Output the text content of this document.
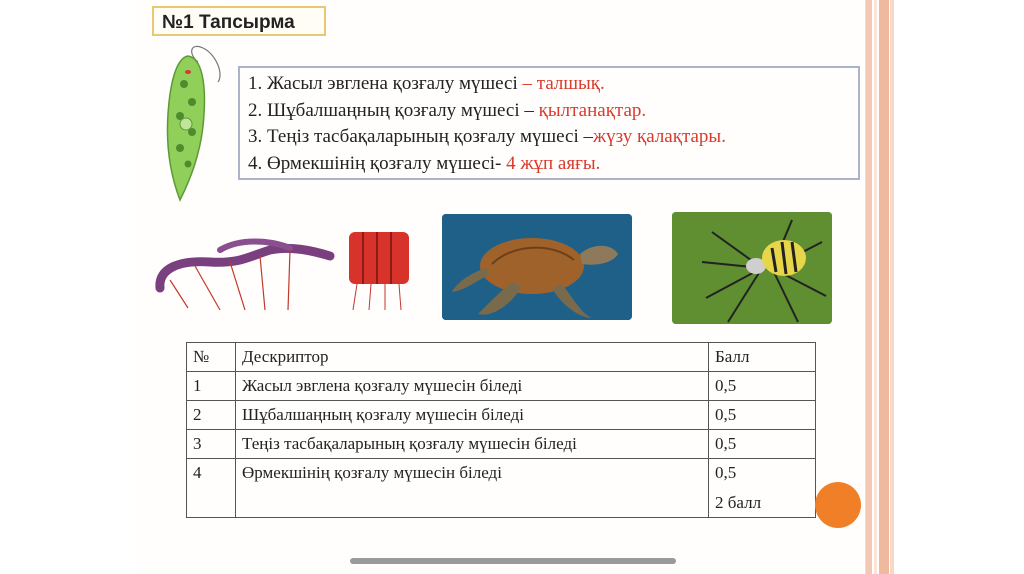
№1 Тапсырма
1. Жасыл эвглена қозғалу мүшесі – талшық.
2. Шұбалшаңның қозғалу мүшесі – қылтанақтар.
3. Теңіз тасбақаларының қозғалу мүшесі –жүзу қалақтары.
4. Өрмекшінің қозғалу мүшесі- 4 жұп аяғы.
№	Дескриптор	Балл
1	Жасыл эвглена қозғалу мүшесін біледі	0,5
2	Шұбалшаңның қозғалу мүшесін біледі	0,5
3	Теңіз тасбақаларының қозғалу мүшесін біледі	0,5
4	Өрмекшінің қозғалу мүшесін біледі	0,5
2 балл
